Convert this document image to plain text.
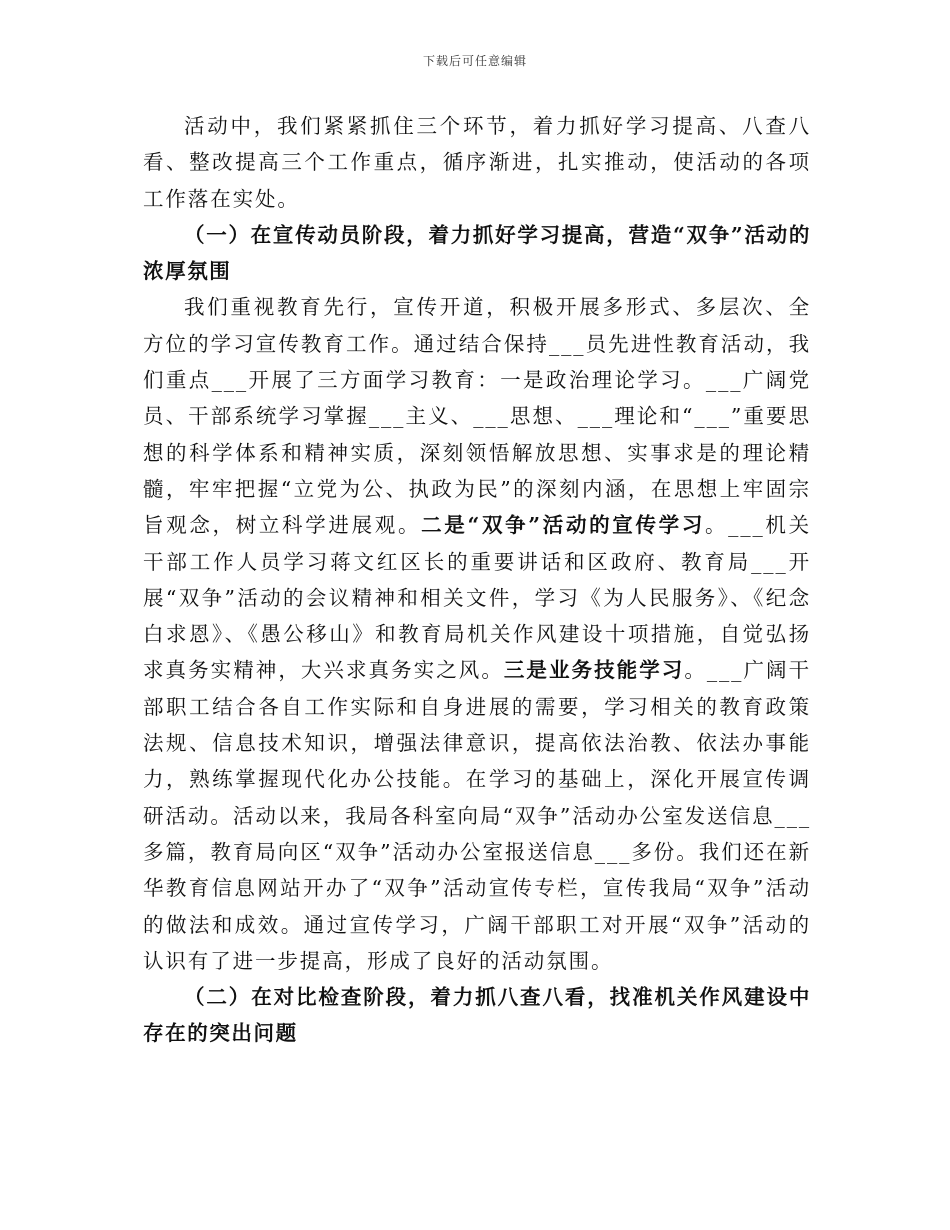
下载后可任意编辑

活动中，我们紧紧抓住三个环节，着力抓好学习提高、八查八看、整改提高三个工作重点，循序渐进，扎实推动，使活动的各项工作落在实处。

（一）在宣传动员阶段，着力抓好学习提高，营造“双争”活动的浓厚氛围

我们重视教育先行，宣传开道，积极开展多形式、多层次、全方位的学习宣传教育工作。通过结合保持___员先进性教育活动，我们重点___开展了三方面学习教育：一是政治理论学习。___广阔党员、干部系统学习掌握___主义、___思想、___理论和“___”重要思想的科学体系和精神实质，深刻领悟解放思想、实事求是的理论精髓，牢牢把握“立党为公、执政为民”的深刻内涵，在思想上牢固宗旨观念，树立科学进展观。二是“双争”活动的宣传学习。___机关干部工作人员学习蒋文红区长的重要讲话和区政府、教育局___开展“双争”活动的会议精神和相关文件，学习《为人民服务》、《纪念白求恩》、《愚公移山》和教育局机关作风建设十项措施，自觉弘扬求真务实精神，大兴求真务实之风。三是业务技能学习。___广阔干部职工结合各自工作实际和自身进展的需要，学习相关的教育政策法规、信息技术知识，增强法律意识，提高依法治教、依法办事能力，熟练掌握现代化办公技能。在学习的基础上，深化开展宣传调研活动。活动以来，我局各科室向局“双争”活动办公室发送信息___多篇，教育局向区“双争”活动办公室报送信息___多份。我们还在新华教育信息网站开办了“双争”活动宣传专栏，宣传我局“双争”活动的做法和成效。通过宣传学习，广阔干部职工对开展“双争”活动的认识有了进一步提高，形成了良好的活动氛围。

（二）在对比检查阶段，着力抓八查八看，找准机关作风建设中存在的突出问题
